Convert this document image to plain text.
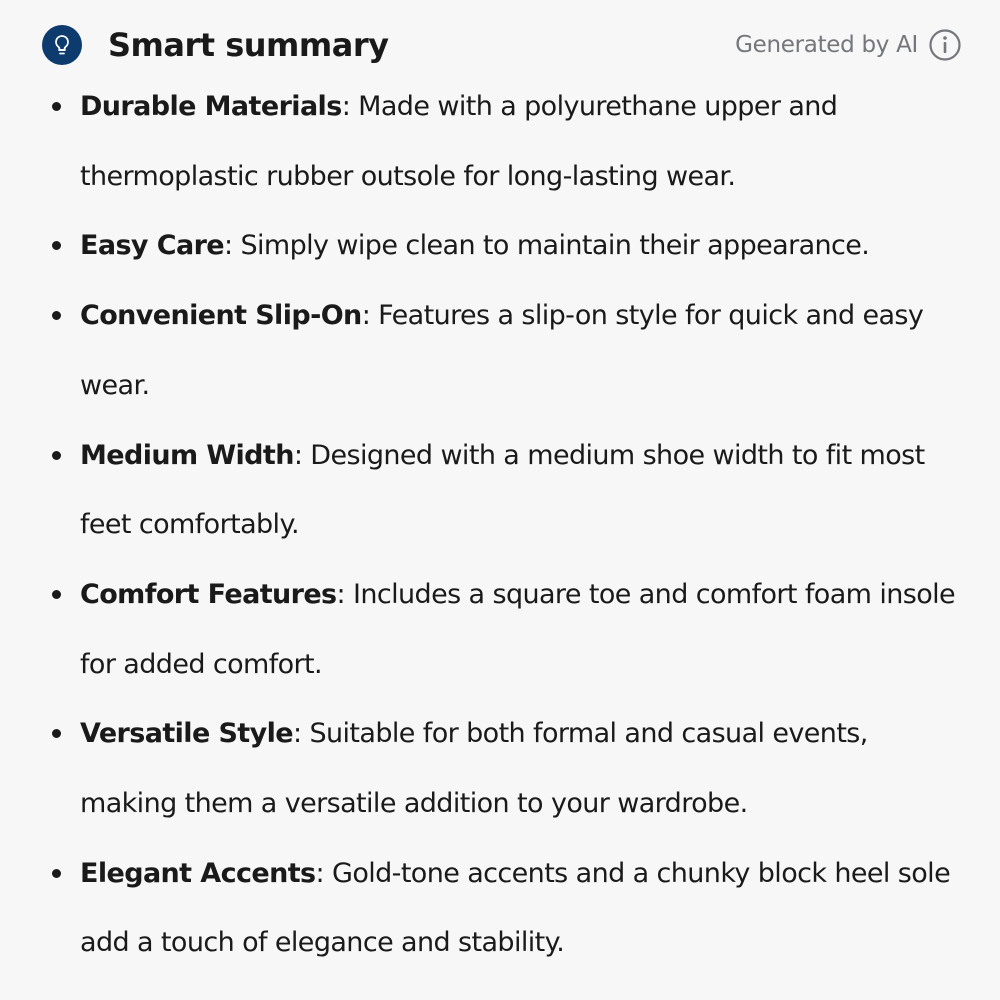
Smart summary	Generated by AI
Durable Materials: Made with a polyurethane upper and thermoplastic rubber outsole for long-lasting wear.
Easy Care: Simply wipe clean to maintain their appearance.
Convenient Slip-On: Features a slip-on style for quick and easy wear.
Medium Width: Designed with a medium shoe width to fit most feet comfortably.
Comfort Features: Includes a square toe and comfort foam insole for added comfort.
Versatile Style: Suitable for both formal and casual events, making them a versatile addition to your wardrobe.
Elegant Accents: Gold-tone accents and a chunky block heel sole add a touch of elegance and stability.
